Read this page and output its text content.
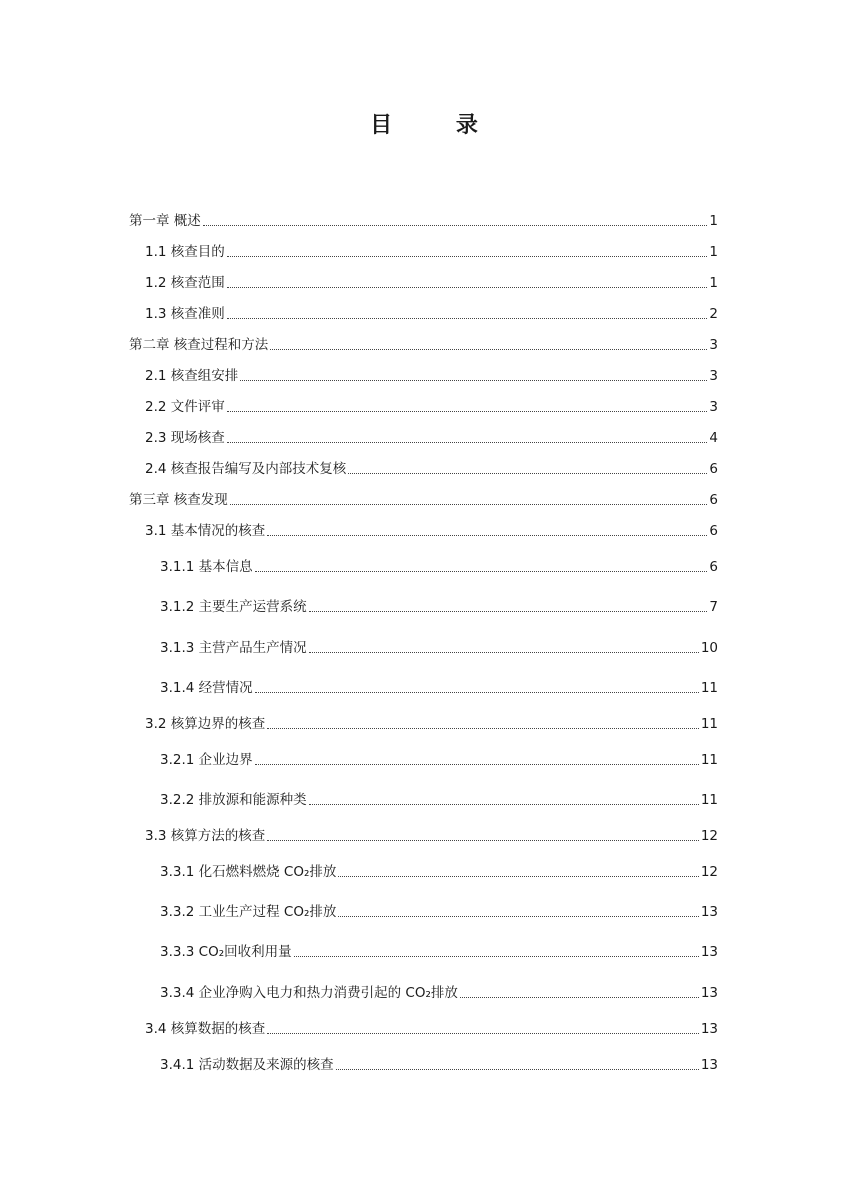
目 录
第一章 概述	1
1.1 核查目的	1
1.2 核查范围	1
1.3 核查准则	2
第二章 核查过程和方法	3
2.1 核查组安排	3
2.2 文件评审	3
2.3 现场核查	4
2.4 核查报告编写及内部技术复核	6
第三章 核查发现	6
3.1 基本情况的核查	6
3.1.1 基本信息	6
3.1.2 主要生产运营系统	7
3.1.3 主营产品生产情况	10
3.1.4 经营情况	11
3.2 核算边界的核查	11
3.2.1 企业边界	11
3.2.2 排放源和能源种类	11
3.3 核算方法的核查	12
3.3.1 化石燃料燃烧 CO₂排放	12
3.3.2 工业生产过程 CO₂排放	13
3.3.3 CO₂回收利用量	13
3.3.4 企业净购入电力和热力消费引起的 CO₂排放	13
3.4 核算数据的核查	13
3.4.1 活动数据及来源的核查	13
